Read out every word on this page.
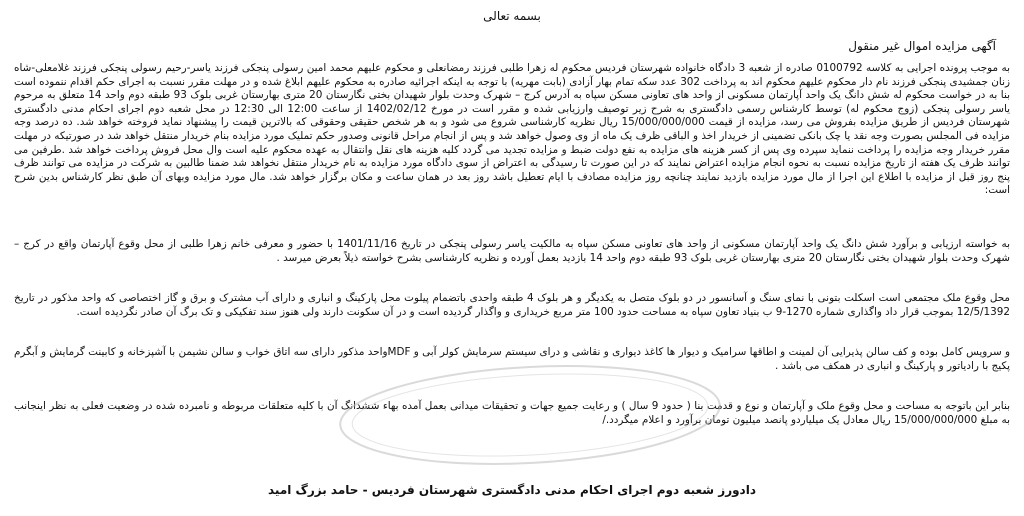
بسمه تعالی
آگهی مزایده اموال غیر منقول

به موجب پرونده اجرایی به کلاسه 0100792 صادره از شعبه 3 دادگاه خانواده شهرستان فردیس محکوم له زهرا طلبی فرزند رمضانعلی و محکوم علیهم محمد امین رسولی پنجکی فرزند یاسر-رحیم رسولی پنجکی فرزند غلامعلی-شاه زنان جمشیدی پنجکی فرزند نام دار محکوم علیهم محکوم اند به پرداخت 302 عدد سکه تمام بهار آزادی (بابت مهریه) با توجه به اینکه اجرائیه صادره به محکوم علیهم ابلاغ شده و در مهلت مقرر نسبت به اجرای حکم اقدام ننموده است بنا به در خواست محکوم له شش دانگ یک واحد آپارتمان مسکونی از واحد های تعاونی مسکن سپاه به آدرس کرج – شهرک وحدت بلوار شهیدان بختی نگارستان 20 متری بهارستان غربی بلوک 93 طبقه دوم واحد 14 متعلق به مرحوم یاسر رسولی پنجکی (زوج محکوم له) توسط کارشناس رسمی دادگستری به شرح زیر توصیف وارزیابی شده و مقرر است در مورخ 1402/02/12 از ساعت 12:00 الی 12:30 در محل شعبه دوم اجرای احکام مدنی دادگستری شهرستان فردیس از طریق مزایده بفروش می رسد، مزایده از قیمت 15/000/000/000 ریال نظریه کارشناسی شروع می شود و به هر شخص حقیقی وحقوقی که بالاترین قیمت را پیشنهاد نماید فروخته خواهد شد. ده درصد وجه مزایده فی المجلس بصورت وجه نقد یا چک بانکی تضمینی از خریدار اخذ و الباقی ظرف یک ماه از وی وصول خواهد شد و پس از انجام مراحل قانونی وصدور حکم تملیک مورد مزایده بنام خریدار منتقل خواهد شد در صورتیکه در مهلت مقرر خریدار وجه مزایده را پرداخت ننماید سپرده وی پس از کسر هزینه های مزایده به نفع دولت ضبط و مزایده تجدید می گردد کلیه هزینه های نقل وانتقال به عهده محکوم علیه است وال محل فروش پرداخت خواهد شد .طرفین می توانند ظرف یک هفته از تاریخ مزایده نسبت به نحوه انجام مزایده اعتراض نمایند که در این صورت تا رسیدگی به اعتراض از سوی دادگاه مورد مزایده به نام خریدار منتقل نخواهد شد ضمنا طالبین به شرکت در مزایده می توانند ظرف پنج روز قبل از مزایده با اطلاع این اجرا از مال مورد مزایده بازدید نمایند چنانچه روز مزایده مصادف با ایام تعطیل باشد روز بعد در همان ساعت و مکان برگزار خواهد شد. مال مورد مزایده وبهای آن طبق نظر کارشناس بدین شرح است:

به خواسته ارزیابی و برآورد شش دانگ یک واحد آپارتمان مسکونی از واحد های تعاونی مسکن سپاه به مالکیت یاسر رسولی پنجکی در تاریخ 1401/11/16 با حضور و معرفی خانم زهرا طلبی از محل وقوع آپارتمان واقع در کرج – شهرک وحدت بلوار شهیدان بختی نگارستان 20 متری بهارستان غربی بلوک 93 طبقه دوم واحد 14 بازدید بعمل آورده و نظریه کارشناسی بشرح خواسته ذیلاً بعرض میرسد .

محل وقوع ملک مجتمعی است اسکلت بتونی با نمای سنگ و آسانسور در دو بلوک متصل به یکدیگر و هر بلوک 4 طبقه واحدی باتضمام پیلوت محل پارکینگ و انباری و دارای آب مشترک و برق و گاز اختصاصی که واحد مذکور در تاریخ 12/5/1392 بموجب قرار داد واگذاری شماره 1270-9 ب بنیاد تعاون سپاه به مساحت حدود 100 متر مربع خریداری و واگذار گردیده است و در آن سکونت دارند ولی هنوز سند تفکیکی و تک برگ آن صادر نگردیده است.

و سرویس کامل بوده و کف سالن پذیرایی آن لمینت و اطاقها سرامیک و دیوار ها کاغذ دیواری و نقاشی و درای سیستم سرمایش کولر آبی و MDFواحد مذکور دارای سه اتاق خواب و سالن نشیمن با آشپزخانه و کابینت گرمایش و آبگرم پکیج با رادیاتور و پارکینگ و انباری در همکف می باشد .

بنابر این باتوجه به مساحت و محل وقوع ملک و آپارتمان و نوع و قدمت بنا ( حدود 9 سال ) و رعایت جمیع جهات و تحقیقات میدانی بعمل آمده بهاء ششدانگ آن با کلیه متعلقات مربوطه و نامبرده شده در وضعیت فعلی به نظر اینجانب به مبلغ 15/000/000/000 ریال معادل یک میلیاردو پانصد میلیون تومان برآورد و اعلام میگردد./

دادورز شعبه دوم اجرای احکام مدنی دادگستری شهرستان فردیس - حامد بزرگ امید
